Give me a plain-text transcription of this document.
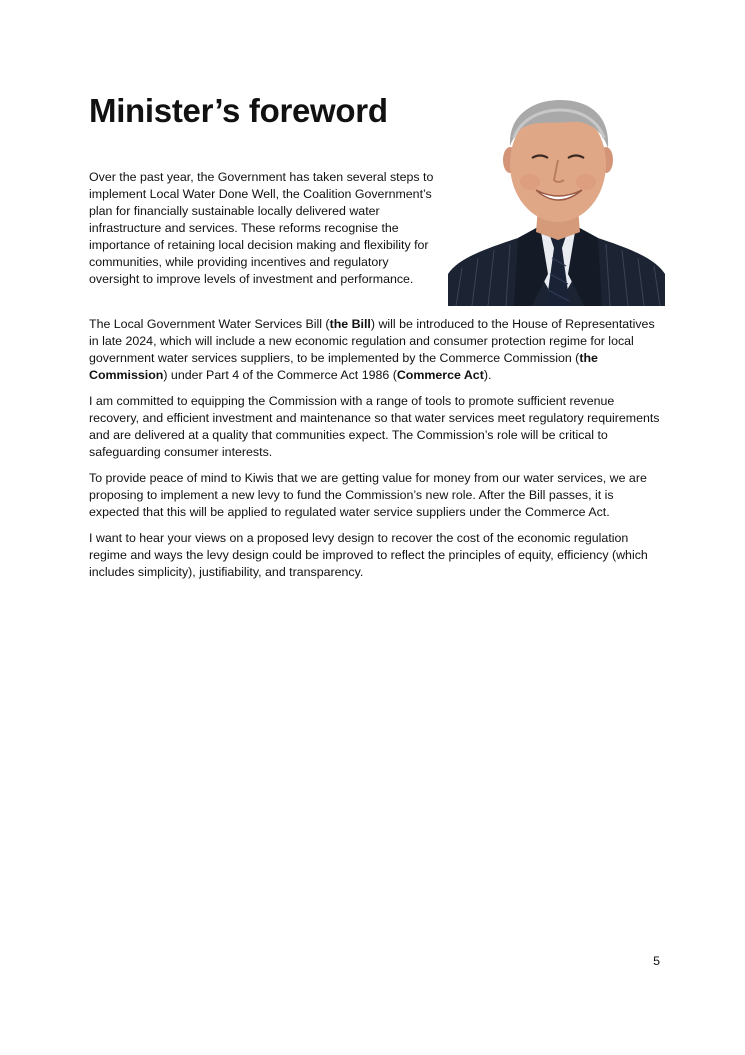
Minister’s foreword

Over the past year, the Government has taken several steps to implement Local Water Done Well, the Coalition Government’s plan for financially sustainable locally delivered water infrastructure and services. These reforms recognise the importance of retaining local decision making and flexibility for communities, while providing incentives and regulatory oversight to improve levels of investment and performance.

The Local Government Water Services Bill (the Bill) will be introduced to the House of Representatives in late 2024, which will include a new economic regulation and consumer protection regime for local government water services suppliers, to be implemented by the Commerce Commission (the Commission) under Part 4 of the Commerce Act 1986 (Commerce Act).

I am committed to equipping the Commission with a range of tools to promote sufficient revenue recovery, and efficient investment and maintenance so that water services meet regulatory requirements and are delivered at a quality that communities expect. The Commission’s role will be critical to safeguarding consumer interests.

To provide peace of mind to Kiwis that we are getting value for money from our water services, we are proposing to implement a new levy to fund the Commission’s new role. After the Bill passes, it is expected that this will be applied to regulated water service suppliers under the Commerce Act.

I want to hear your views on a proposed levy design to recover the cost of the economic regulation regime and ways the levy design could be improved to reflect the principles of equity, efficiency (which includes simplicity), justifiability, and transparency.

5
